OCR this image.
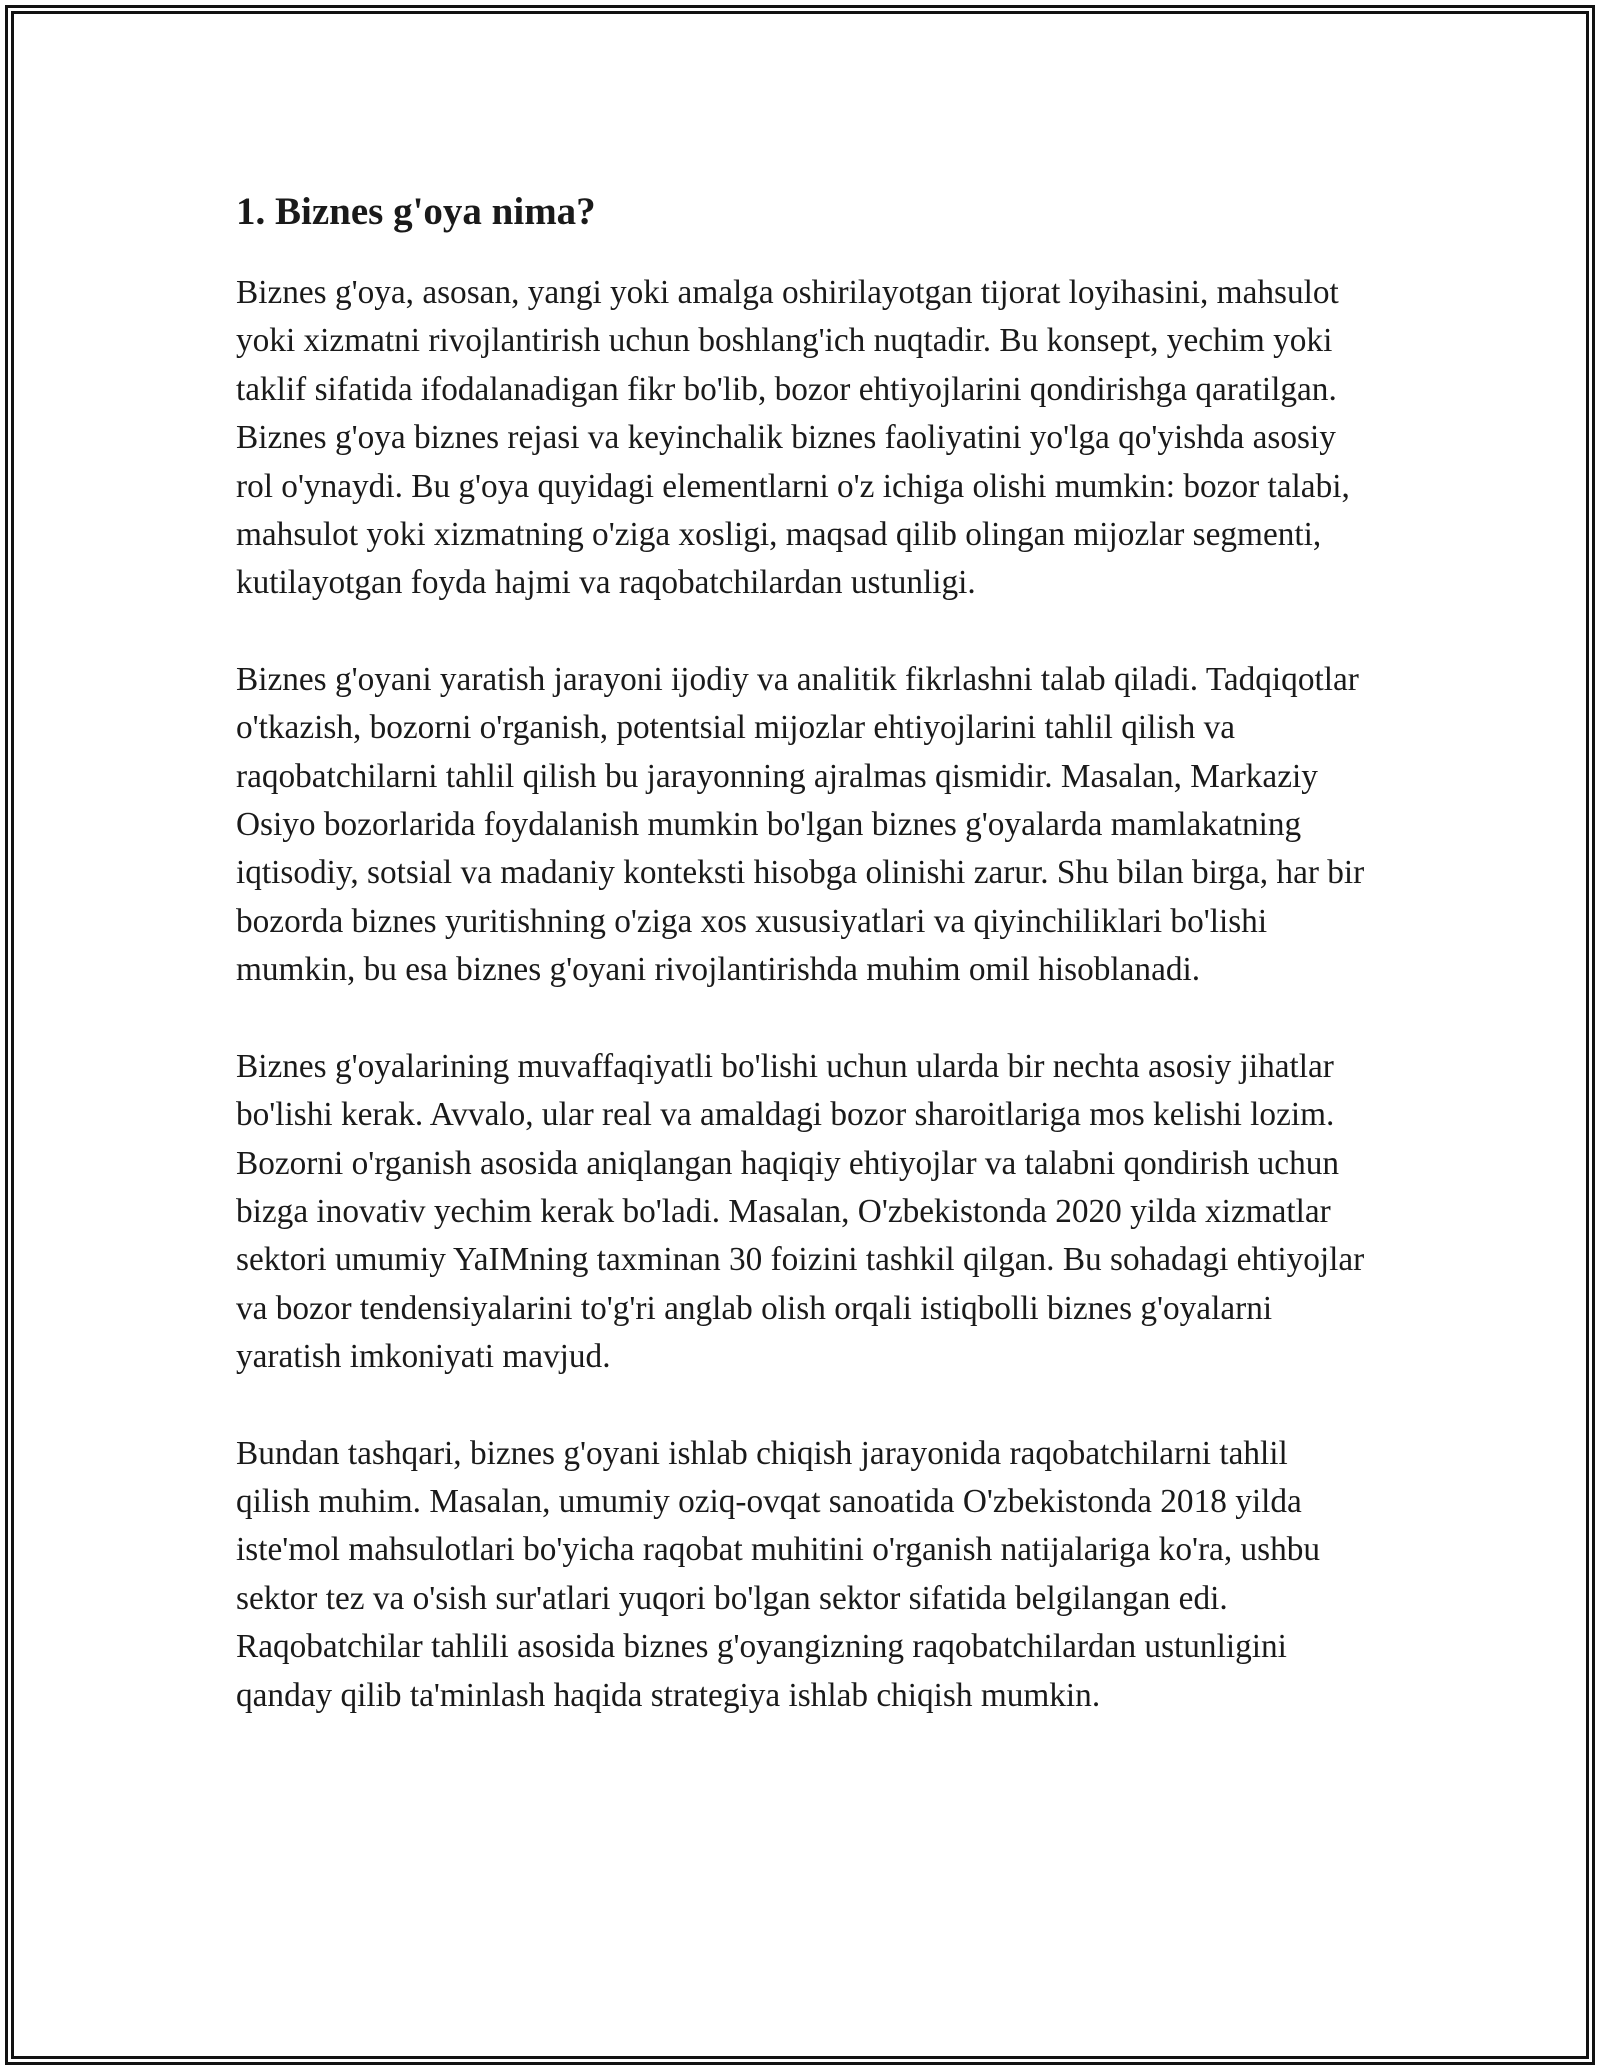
1. Biznes g'oya nima?

Biznes g'oya, asosan, yangi yoki amalga oshirilayotgan tijorat loyihasini, mahsulot yoki xizmatni rivojlantirish uchun boshlang'ich nuqtadir. Bu konsept, yechim yoki taklif sifatida ifodalanadigan fikr bo'lib, bozor ehtiyojlarini qondirishga qaratilgan. Biznes g'oya biznes rejasi va keyinchalik biznes faoliyatini yo'lga qo'yishda asosiy rol o'ynaydi. Bu g'oya quyidagi elementlarni o'z ichiga olishi mumkin: bozor talabi, mahsulot yoki xizmatning o'ziga xosligi, maqsad qilib olingan mijozlar segmenti, kutilayotgan foyda hajmi va raqobatchilardan ustunligi.

Biznes g'oyani yaratish jarayoni ijodiy va analitik fikrlashni talab qiladi. Tadqiqotlar o'tkazish, bozorni o'rganish, potentsial mijozlar ehtiyojlarini tahlil qilish va raqobatchilarni tahlil qilish bu jarayonning ajralmas qismidir. Masalan, Markaziy Osiyo bozorlarida foydalanish mumkin bo'lgan biznes g'oyalarda mamlakatning iqtisodiy, sotsial va madaniy konteksti hisobga olinishi zarur. Shu bilan birga, har bir bozorda biznes yuritishning o'ziga xos xususiyatlari va qiyinchiliklari bo'lishi mumkin, bu esa biznes g'oyani rivojlantirishda muhim omil hisoblanadi.

Biznes g'oyalarining muvaffaqiyatli bo'lishi uchun ularda bir nechta asosiy jihatlar bo'lishi kerak. Avvalo, ular real va amaldagi bozor sharoitlariga mos kelishi lozim. Bozorni o'rganish asosida aniqlangan haqiqiy ehtiyojlar va talabni qondirish uchun bizga inovativ yechim kerak bo'ladi. Masalan, O'zbekistonda 2020 yilda xizmatlar sektori umumiy YaIMning taxminan 30 foizini tashkil qilgan. Bu sohadagi ehtiyojlar va bozor tendensiyalarini to'g'ri anglab olish orqali istiqbolli biznes g'oyalarni yaratish imkoniyati mavjud.

Bundan tashqari, biznes g'oyani ishlab chiqish jarayonida raqobatchilarni tahlil qilish muhim. Masalan, umumiy oziq-ovqat sanoatida O'zbekistonda 2018 yilda iste'mol mahsulotlari bo'yicha raqobat muhitini o'rganish natijalariga ko'ra, ushbu sektor tez va o'sish sur'atlari yuqori bo'lgan sektor sifatida belgilangan edi. Raqobatchilar tahlili asosida biznes g'oyangizning raqobatchilardan ustunligini qanday qilib ta'minlash haqida strategiya ishlab chiqish mumkin.
